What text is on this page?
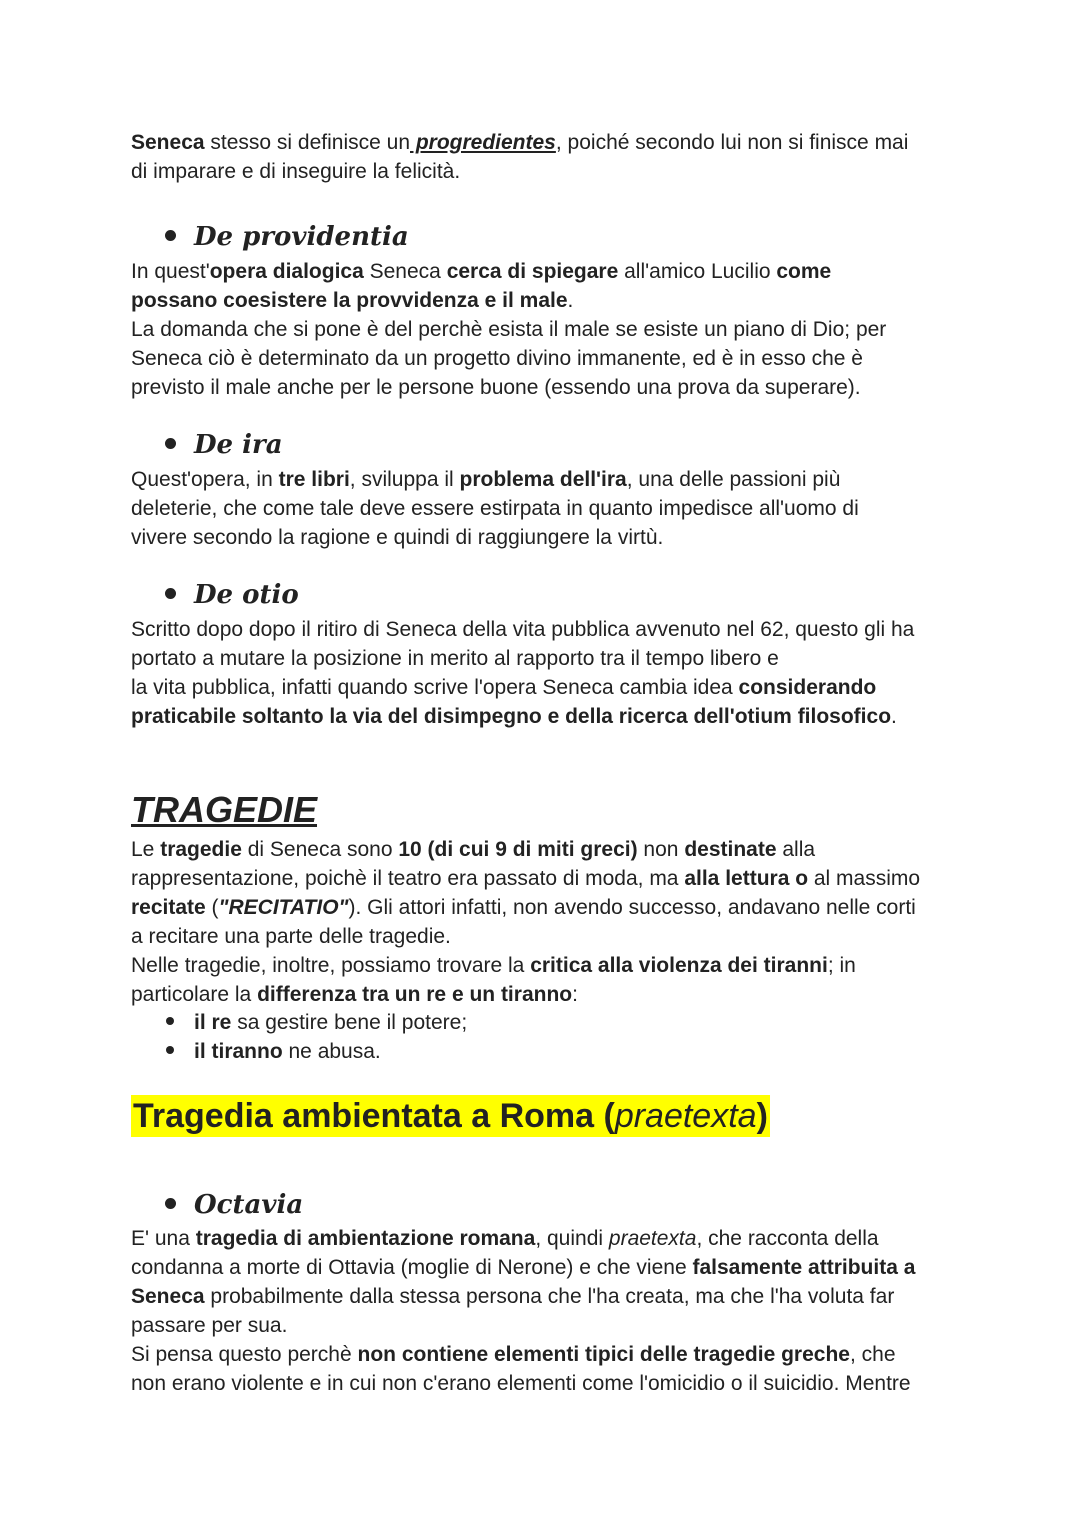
Seneca stesso si definisce un progredientes, poiché secondo lui non si finisce mai
di imparare e di inseguire la felicità.

De providentia

In quest'opera dialogica Seneca cerca di spiegare all'amico Lucilio come
possano coesistere la provvidenza e il male.
La domanda che si pone è del perchè esista il male se esiste un piano di Dio; per
Seneca ciò è determinato da un progetto divino immanente, ed è in esso che è
previsto il male anche per le persone buone (essendo una prova da superare).

De ira

Quest'opera, in tre libri, sviluppa il problema dell'ira, una delle passioni più
deleterie, che come tale deve essere estirpata in quanto impedisce all'uomo di
vivere secondo la ragione e quindi di raggiungere la virtù.

De otio

Scritto dopo dopo il ritiro di Seneca della vita pubblica avvenuto nel 62, questo gli ha
portato a mutare la posizione in merito al rapporto tra il tempo libero e
la vita pubblica, infatti quando scrive l'opera Seneca cambia idea considerando
praticabile soltanto la via del disimpegno e della ricerca dell'otium filosofico.

TRAGEDIE

Le tragedie di Seneca sono 10 (di cui 9 di miti greci) non destinate alla
rappresentazione, poichè il teatro era passato di moda, ma alla lettura o al massimo
recitate ("RECITATIO"). Gli attori infatti, non avendo successo, andavano nelle corti
a recitare una parte delle tragedie.
Nelle tragedie, inoltre, possiamo trovare la critica alla violenza dei tiranni; in
particolare la differenza tra un re e un tiranno:

il re sa gestire bene il potere;
il tiranno ne abusa.
Tragedia ambientata a Roma (praetexta)
Octavia

E' una tragedia di ambientazione romana, quindi praetexta, che racconta della
condanna a morte di Ottavia (moglie di Nerone) e che viene falsamente attribuita a
Seneca probabilmente dalla stessa persona che l'ha creata, ma che l'ha voluta far
passare per sua.
Si pensa questo perchè non contiene elementi tipici delle tragedie greche, che
non erano violente e in cui non c'erano elementi come l'omicidio o il suicidio. Mentre
